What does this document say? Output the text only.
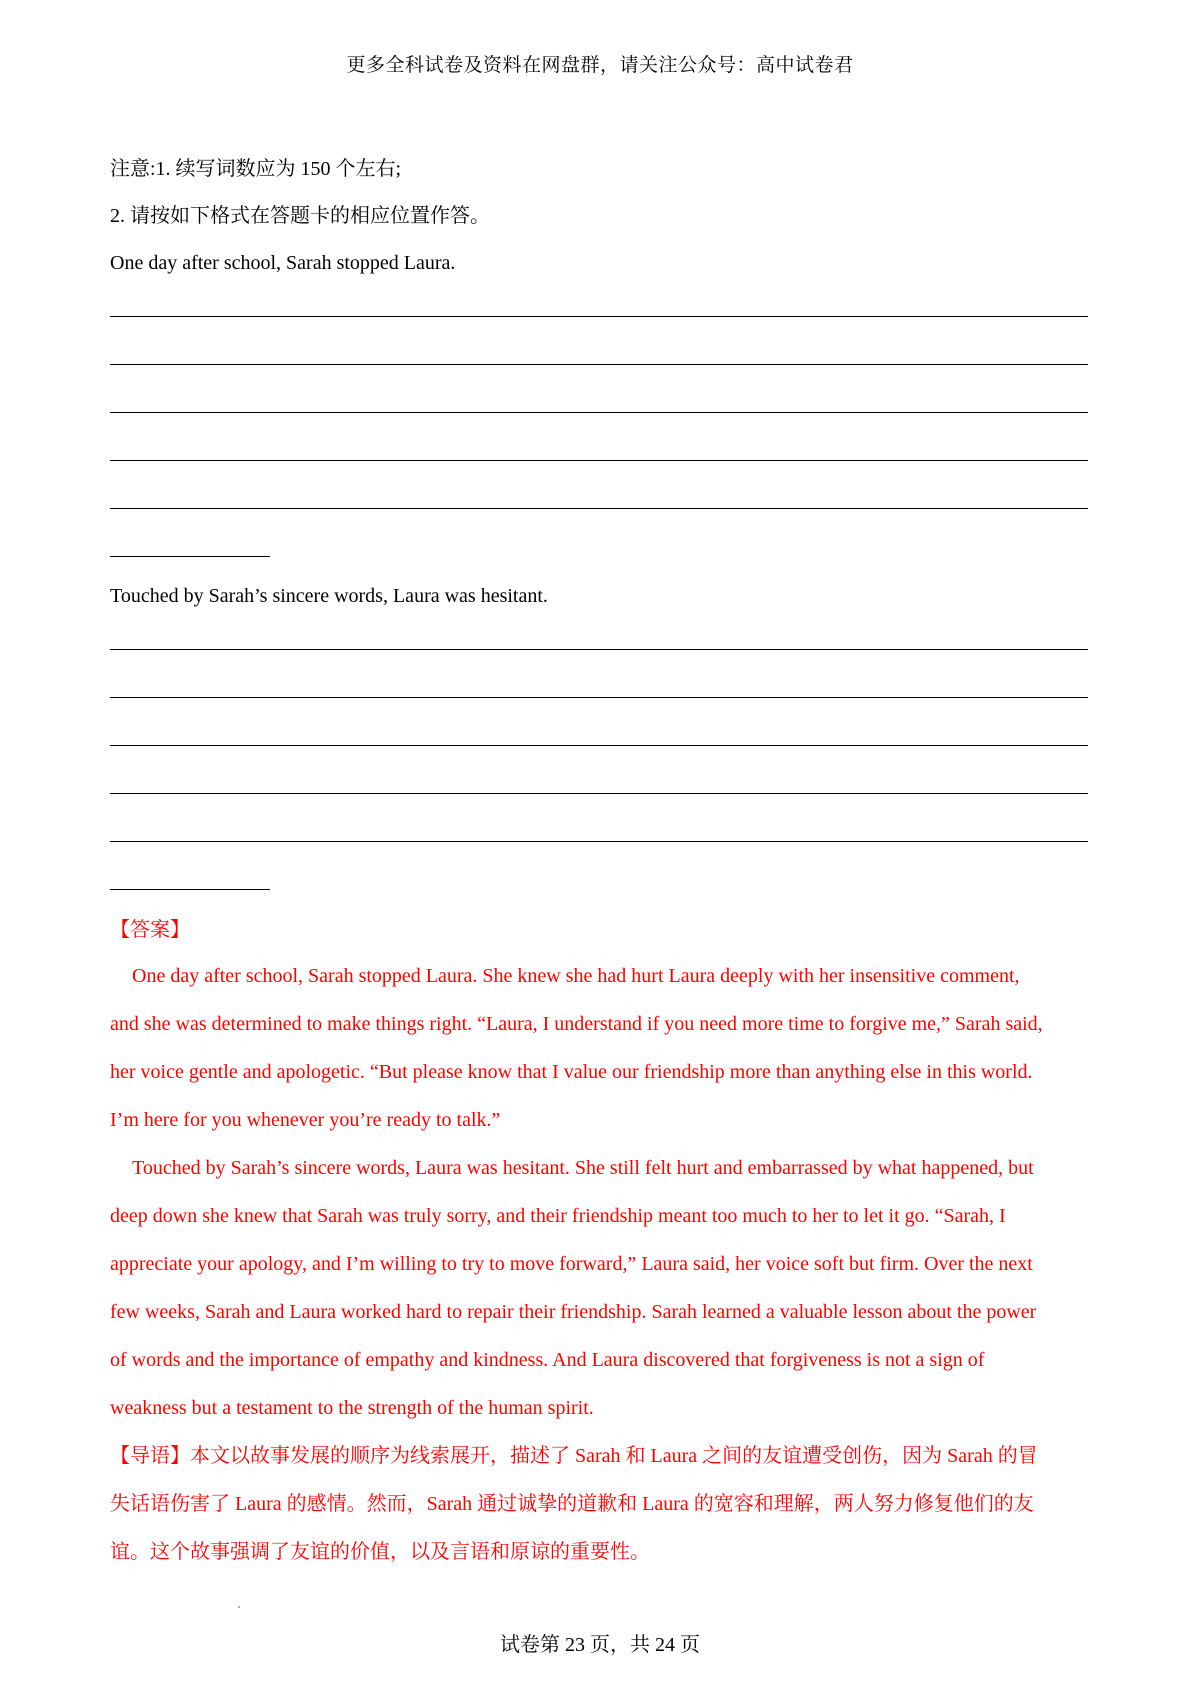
更多全科试卷及资料在网盘群，请关注公众号：高中试卷君
注意:1. 续写词数应为 150 个左右;
2. 请按如下格式在答题卡的相应位置作答。
One day after school, Sarah stopped Laura.
Touched by Sarah’s sincere words, Laura was hesitant.
【答案】

One day after school, Sarah stopped Laura. She knew she had hurt Laura deeply with her insensitive comment,

and she was determined to make things right. “Laura, I understand if you need more time to forgive me,” Sarah said,

her voice gentle and apologetic. “But please know that I value our friendship more than anything else in this world.

I’m here for you whenever you’re ready to talk.”

Touched by Sarah’s sincere words, Laura was hesitant. She still felt hurt and embarrassed by what happened, but

deep down she knew that Sarah was truly sorry, and their friendship meant too much to her to let it go. “Sarah, I

appreciate your apology, and I’m willing to try to move forward,” Laura said, her voice soft but firm. Over the next

few weeks, Sarah and Laura worked hard to repair their friendship. Sarah learned a valuable lesson about the power

of words and the importance of empathy and kindness. And Laura discovered that forgiveness is not a sign of

weakness but a testament to the strength of the human spirit.

【导语】本文以故事发展的顺序为线索展开，描述了 Sarah 和 Laura 之间的友谊遭受创伤，因为 Sarah 的冒
失话语伤害了 Laura 的感情。然而，Sarah 通过诚挚的道歉和 Laura 的宽容和理解，两人努力修复他们的友
谊。这个故事强调了友谊的价值，以及言语和原谅的重要性。
试卷第 23 页，共 24 页
